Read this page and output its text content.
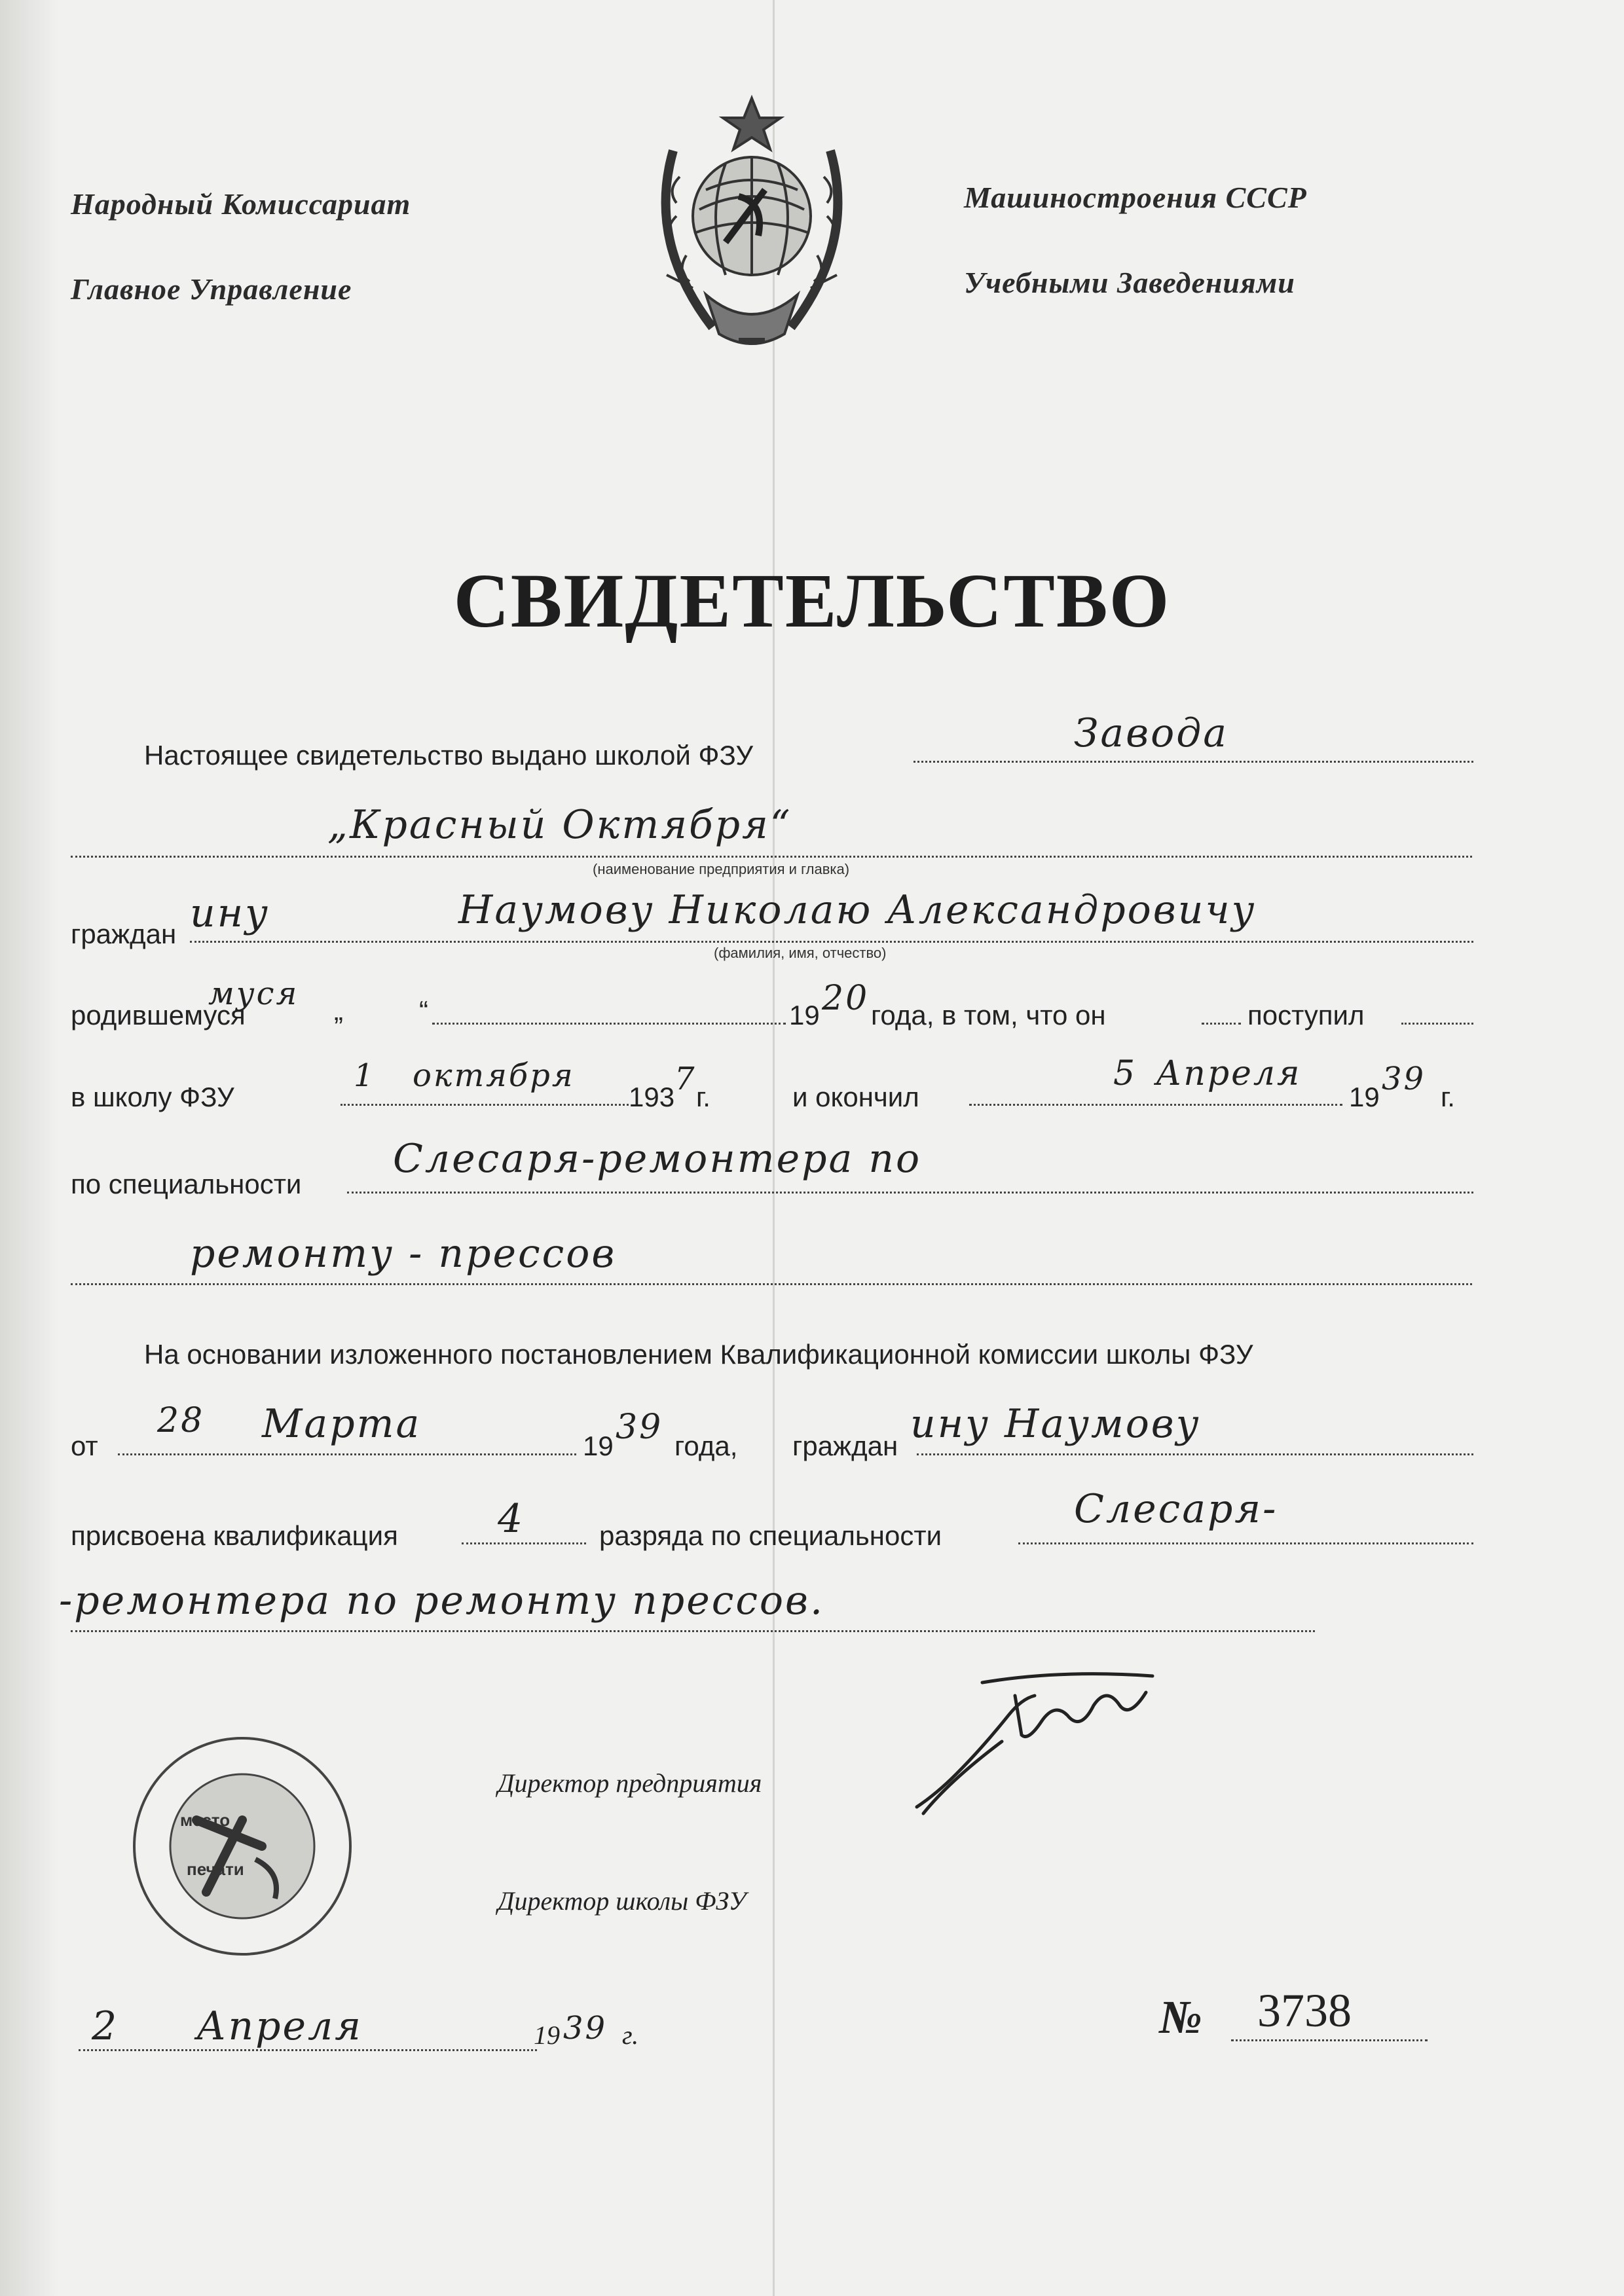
Народный Комиссариат
Главное Управление
Машиностроения СССР
Учебными Заведениями
СВИДЕТЕЛЬСТВО
Настоящее свидетельство выдано школой ФЗУ	Завода
„Красный Октября“
(наименование предприятия и главка)
граждан ину	Наумову Николаю Александровичу
(фамилия, имя, отчество)
родившемуся
муся „	“	19 20 года, в том, что он	поступил
в школу ФЗУ
1 октября
193 7 г.	и окончил
5 Апреля
19 39 г.
по специальности
Слесаря-ремонтера по
ремонту - прессов
На основании изложенного постановлением Квалификационной комиссии школы ФЗУ
от
28 Марта	19 39 года, граждан ину Наумову
присвоена квалификация	4	разряда по специальности
Слесаря-
-ремонтера по ремонту прессов.
Директор предприятия
Директор школы ФЗУ
место
печати
2 Апреля	19 39 г.	№ 3738
